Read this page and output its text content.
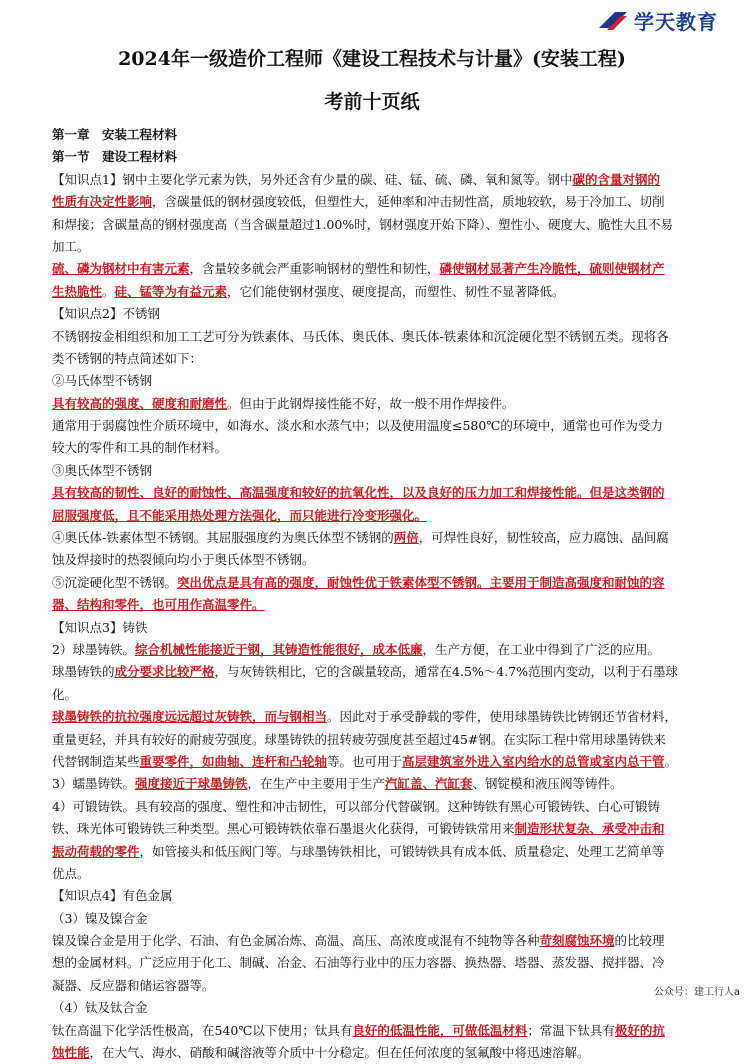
学天教育
2024年一级造价工程师《建设工程技术与计量》(安装工程)
考前十页纸
第一章　安装工程材料
第一节　建设工程材料
【知识点1】钢中主要化学元素为铁，另外还含有少量的碳、硅、锰、硫、磷、氧和氮等。钢中碳的含量对钢的
性质有决定性影响，含碳量低的钢材强度较低，但塑性大，延伸率和冲击韧性高，质地较软，易于冷加工、切削
和焊接；含碳量高的钢材强度高（当含碳量超过1.00%时，钢材强度开始下降）、塑性小、硬度大、脆性大且不易
加工。
硫、磷为钢材中有害元素，含量较多就会严重影响钢材的塑性和韧性，磷使钢材显著产生冷脆性，硫则使钢材产
生热脆性。硅、锰等为有益元素，它们能使钢材强度、硬度提高，而塑性、韧性不显著降低。
【知识点2】不锈钢
不锈钢按金相组织和加工工艺可分为铁素体、马氏体、奥氏体、奥氏体-铁素体和沉淀硬化型不锈钢五类。现将各
类不锈钢的特点简述如下：
②马氏体型不锈钢
具有较高的强度、硬度和耐磨性。但由于此钢焊接性能不好，故一般不用作焊接件。
通常用于弱腐蚀性介质环境中，如海水、淡水和水蒸气中；以及使用温度≤580℃的环境中，通常也可作为受力
较大的零件和工具的制作材料。
③奥氏体型不锈钢
具有较高的韧性、良好的耐蚀性、高温强度和较好的抗氧化性，以及良好的压力加工和焊接性能。但是这类钢的
屈服强度低，且不能采用热处理方法强化，而只能进行冷变形强化。
④奥氏体-铁素体型不锈钢。其屈服强度约为奥氏体型不锈钢的两倍，可焊性良好，韧性较高，应力腐蚀、晶间腐
蚀及焊接时的热裂倾向均小于奥氏体型不锈钢。
⑤沉淀硬化型不锈钢。突出优点是具有高的强度，耐蚀性优于铁素体型不锈钢。主要用于制造高强度和耐蚀的容
器、结构和零件，也可用作高温零件。
【知识点3】铸铁
2）球墨铸铁。综合机械性能接近于钢，其铸造性能很好，成本低廉，生产方便，在工业中得到了广泛的应用。
球墨铸铁的成分要求比较严格，与灰铸铁相比，它的含碳量较高，通常在4.5%～4.7%范围内变动，以利于石墨球
化。
球墨铸铁的抗拉强度远远超过灰铸铁，而与钢相当。因此对于承受静载的零件，使用球墨铸铁比铸钢还节省材料，
重量更轻，并具有较好的耐疲劳强度。球墨铸铁的扭转疲劳强度甚至超过45#钢。在实际工程中常用球墨铸铁来
代替钢制造某些重要零件，如曲轴、连杆和凸轮轴等。也可用于高层建筑室外进入室内给水的总管或室内总干管。
3）蠕墨铸铁。强度接近于球墨铸铁，在生产中主要用于生产汽缸盖、汽缸套、钢锭模和液压阀等铸件。
4）可锻铸铁。具有较高的强度、塑性和冲击韧性，可以部分代替碳钢。这种铸铁有黑心可锻铸铁、白心可锻铸
铁、珠光体可锻铸铁三种类型。黑心可锻铸铁依靠石墨退火化获得，可锻铸铁常用来制造形状复杂、承受冲击和
振动荷载的零件，如管接头和低压阀门等。与球墨铸铁相比，可锻铸铁具有成本低、质量稳定、处理工艺简单等
优点。
【知识点4】有色金属
（3）镍及镍合金
镍及镍合金是用于化学、石油、有色金属冶炼、高温、高压、高浓度或混有不纯物等各种苛刻腐蚀环境的比较理
想的金属材料。广泛应用于化工、制碱、冶金、石油等行业中的压力容器、换热器、塔器、蒸发器、搅拌器、冷
凝器、反应器和储运容器等。
（4）钛及钛合金
钛在高温下化学活性极高，在540℃以下使用；钛具有良好的低温性能，可做低温材料；常温下钛具有极好的抗
蚀性能，在大气、海水、硝酸和碱溶液等介质中十分稳定。但在任何浓度的氢氟酸中将迅速溶解。
公众号：建工行人a
